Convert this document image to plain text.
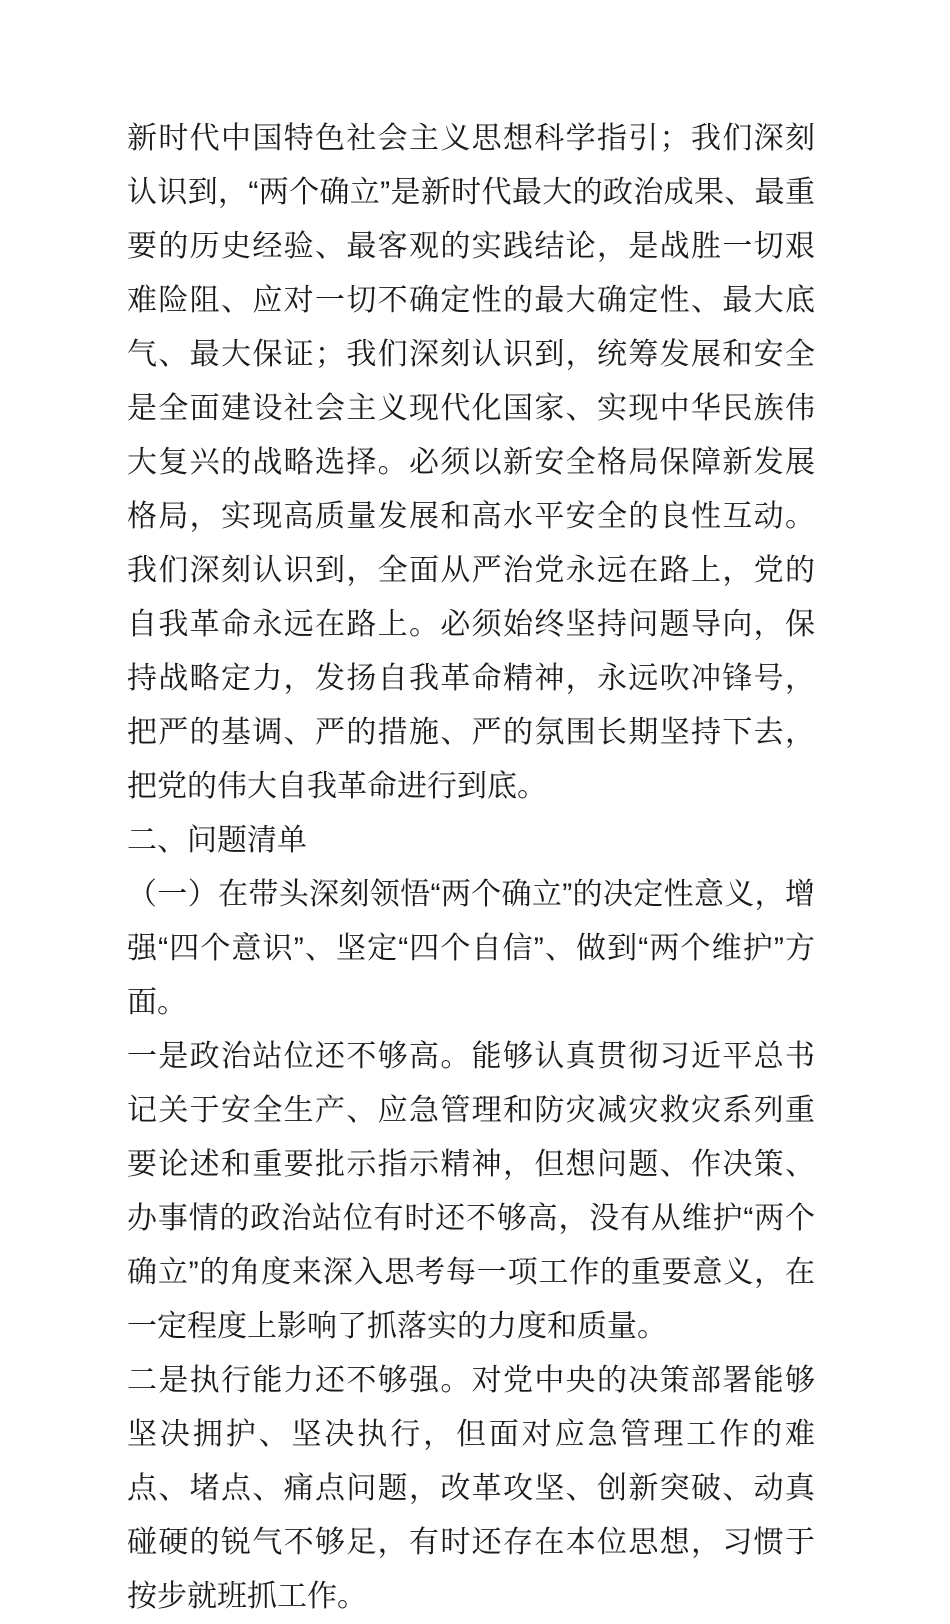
新时代中国特色社会主义思想科学指引；我们深刻认识到，“两个确立”是新时代最大的政治成果、最重要的历史经验、最客观的实践结论，是战胜一切艰难险阻、应对一切不确定性的最大确定性、最大底气、最大保证；我们深刻认识到，统筹发展和安全是全面建设社会主义现代化国家、实现中华民族伟大复兴的战略选择。必须以新安全格局保障新发展格局，实现高质量发展和高水平安全的良性互动。我们深刻认识到，全面从严治党永远在路上，党的自我革命永远在路上。必须始终坚持问题导向，保持战略定力，发扬自我革命精神，永远吹冲锋号，把严的基调、严的措施、严的氛围长期坚持下去，把党的伟大自我革命进行到底。

二、问题清单

（一）在带头深刻领悟“两个确立”的决定性意义，增强“四个意识”、坚定“四个自信”、做到“两个维护”方面。

一是政治站位还不够高。能够认真贯彻习近平总书记关于安全生产、应急管理和防灾减灾救灾系列重要论述和重要批示指示精神，但想问题、作决策、办事情的政治站位有时还不够高，没有从维护“两个确立”的角度来深入思考每一项工作的重要意义，在一定程度上影响了抓落实的力度和质量。

二是执行能力还不够强。对党中央的决策部署能够坚决拥护、坚决执行，但面对应急管理工作的难点、堵点、痛点问题，改革攻坚、创新突破、动真碰硬的锐气不够足，有时还存在本位思想，习惯于按步就班抓工作。
